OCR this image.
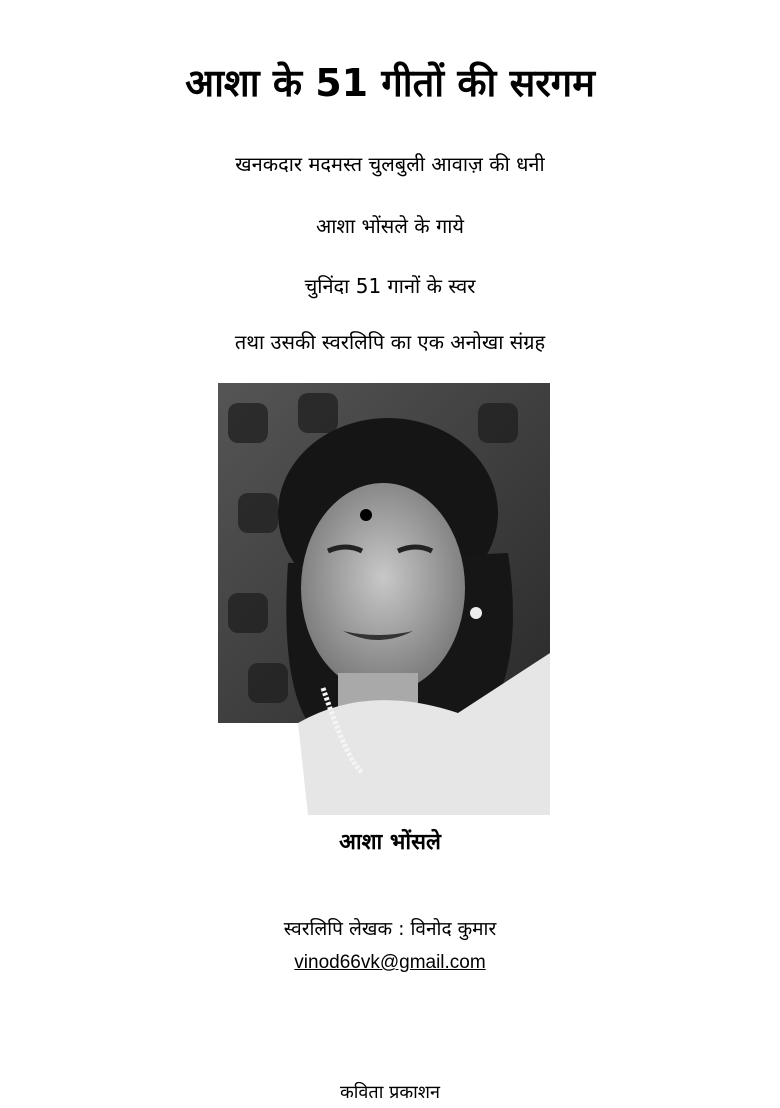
आशा के 51 गीतों की सरगम
खनकदार मदमस्त चुलबुली आवाज़ की धनी
आशा भोंसले के गाये
चुनिंदा 51 गानों के स्वर
तथा उसकी स्वरलिपि का एक अनोखा संग्रह
आशा भोंसले
स्वरलिपि लेखक : विनोद कुमार
vinod66vk@gmail.com
कविता प्रकाशन
